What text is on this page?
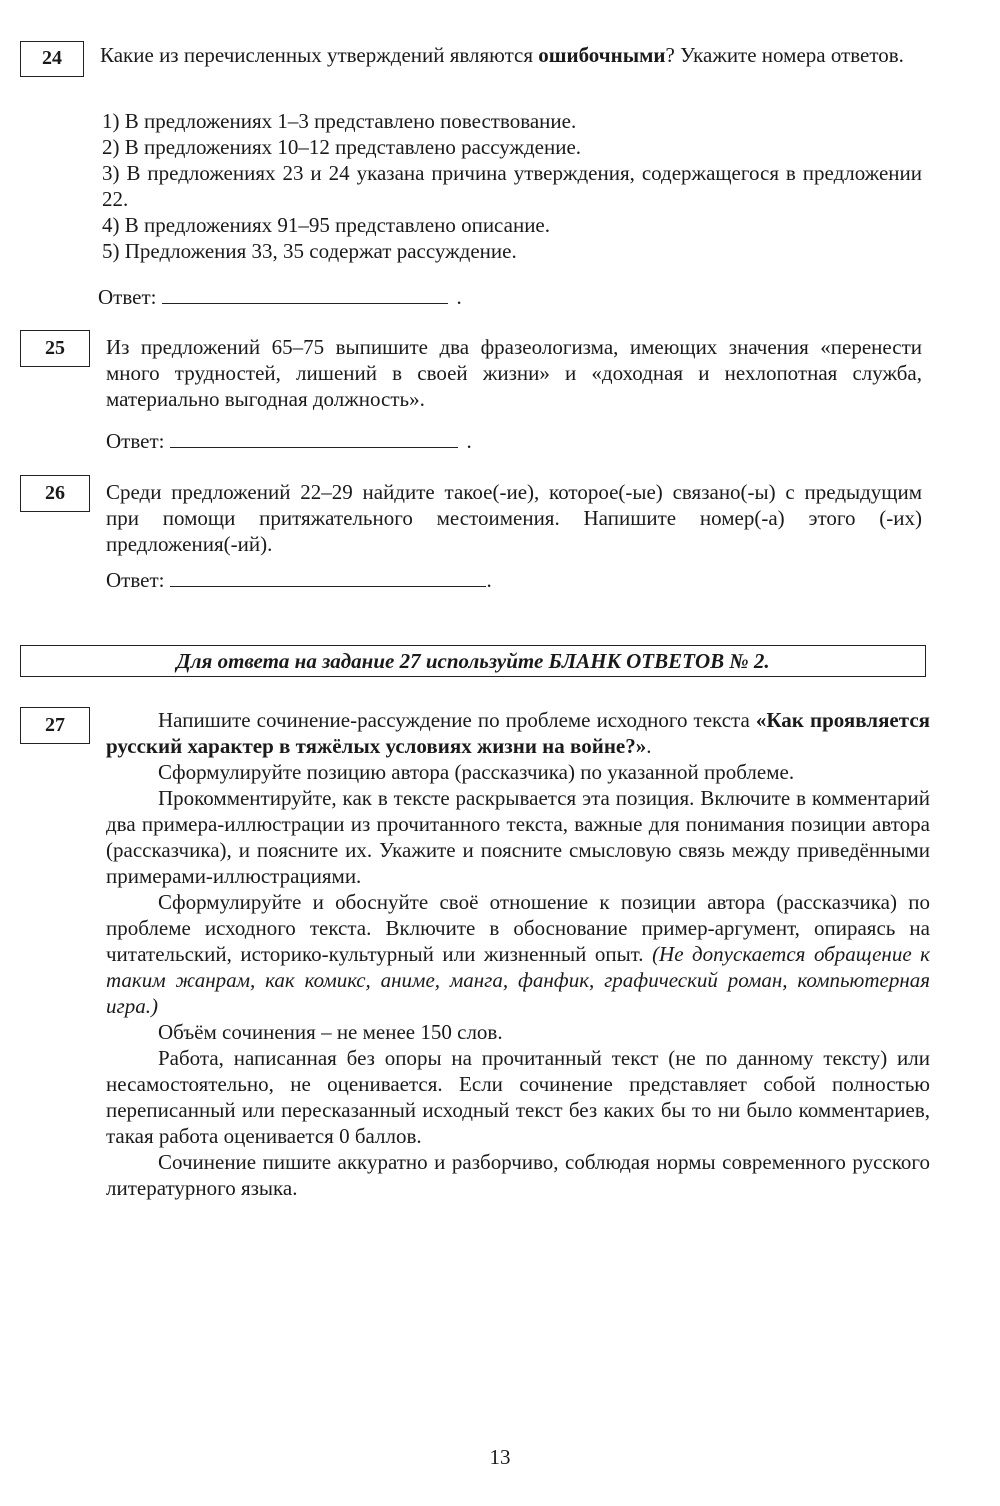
24	Какие из перечисленных утверждений являются ошибочными? Укажите номера ответов.
1) В предложениях 1–3 представлено повествование.
2) В предложениях 10–12 представлено рассуждение.
3) В предложениях 23 и 24 указана причина утверждения, содержащегося в предложении 22.
4) В предложениях 91–95 представлено описание.
5) Предложения 33, 35 содержат рассуждение.
Ответ:	.
25	Из предложений 65–75 выпишите два фразеологизма, имеющих значения «перенести много трудностей, лишений в своей жизни» и «доходная и нехлопотная служба, материально выгодная должность».
Ответ:	.
26	Среди предложений 22–29 найдите такое(-ие), которое(-ые) связано(-ы) с предыдущим при помощи притяжательного местоимения. Напишите номер(-а) этого (-их) предложения(-ий).
Ответ:	.
Для ответа на задание 27 используйте БЛАНК ОТВЕТОВ № 2.
27	Напишите сочинение-рассуждение по проблеме исходного текста «Как проявляется русский характер в тяжёлых условиях жизни на войне?».

Сформулируйте позицию автора (рассказчика) по указанной проблеме.

Прокомментируйте, как в тексте раскрывается эта позиция. Включите в комментарий два примера-иллюстрации из прочитанного текста, важные для понимания позиции автора (рассказчика), и поясните их. Укажите и поясните смысловую связь между приведёнными примерами-иллюстрациями.

Сформулируйте и обоснуйте своё отношение к позиции автора (рассказчика) по проблеме исходного текста. Включите в обоснование пример-аргумент, опираясь на читательский, историко-культурный или жизненный опыт. (Не допускается обращение к таким жанрам, как комикс, аниме, манга, фанфик, графический роман, компьютерная игра.)

Объём сочинения – не менее 150 слов.

Работа, написанная без опоры на прочитанный текст (не по данному тексту) или несамостоятельно, не оценивается. Если сочинение представляет собой полностью переписанный или пересказанный исходный текст без каких бы то ни было комментариев, такая работа оценивается 0 баллов.

Сочинение пишите аккуратно и разборчиво, соблюдая нормы современного русского литературного языка.

13
